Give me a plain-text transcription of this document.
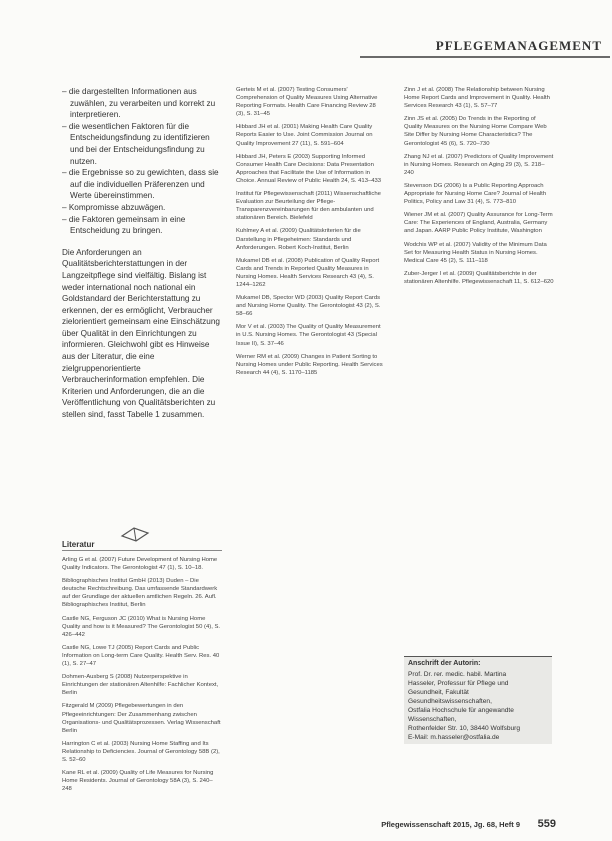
PFLEGEMANAGEMENT
– die dargestellten Informationen aus zuwählen, zu verarbeiten und korrekt zu interpretieren.
– die wesentlichen Faktoren für die Entscheidungsfindung zu identifizieren und bei der Entscheidungsfindung zu nutzen.
– die Ergebnisse so zu gewichten, dass sie auf die individuellen Präferenzen und Werte übereinstimmen.
– Kompromisse abzuwägen.
– die Faktoren gemeinsam in eine Entscheidung zu bringen.

Die Anforderungen an Qualitätsberichterstattungen in der Langzeitpflege sind vielfältig. Bislang ist weder international noch national ein Goldstandard der Berichterstattung zu erkennen, der es ermöglicht, Verbraucher zielorientiert gemeinsam eine Einschätzung über Qualität in den Einrichtungen zu informieren. Gleichwohl gibt es Hinweise aus der Literatur, die eine zielgruppenorientierte Verbraucherinformation empfehlen. Die Kriterien und Anforderungen, die an die Veröffentlichung von Qualitätsberichten zu stellen sind, fasst Tabelle 1 zusammen.

Literatur
Arling G et al. (2007) Future Development of Nursing Home Quality Indicators. The Gerontologist 47 (1), S. 10–18.
Bibliographisches Institut GmbH (2013) Duden – Die deutsche Rechtschreibung. Das umfassende Standardwerk auf der Grundlage der aktuellen amtlichen Regeln. 26. Aufl. Bibliographisches Institut, Berlin
Castle NG, Ferguson JC (2010) What is Nursing Home Quality and how is it Measured? The Gerontologist 50 (4), S. 426–442
Castle NG, Lowe TJ (2005) Report Cards and Public Information on Long-term Care Quality. Health Serv. Res. 40 (1), S. 27–47
Dohmen-Ausberg S (2008) Nutzerperspektive in Einrichtungen der stationären Altenhilfe: Fachlicher Kontext, Berlin
Fitzgerald M (2009) Pflegebewertungen in den Pflegeeinrichtungen: Der Zusammenhang zwischen Organisations- und Qualitätsprozessen. Verlag Wissenschaft Berlin
Harrington C et al. (2003) Nursing Home Staffing and Its Relationship to Deficiencies. Journal of Gerontology 58B (2), S. 52–60
Kane RL et al. (2009) Quality of Life Measures for Nursing Home Residents. Journal of Gerontology 58A (3), S. 240–248
Gerteis M et al. (2007) Testing Consumers' Comprehension of Quality Measures Using Alternative Reporting Formats. Health Care Financing Review 28 (3), S. 31–45
Hibbard JH et al. (2001) Making Health Care Quality Reports Easier to Use. Joint Commission Journal on Quality Improvement 27 (11), S. 591–604
Hibbard JH, Peters E (2003) Supporting Informed Consumer Health Care Decisions: Data Presentation Approaches that Facilitate the Use of Information in Choice. Annual Review of Public Health 24, S. 413–433
Institut für Pflegewissenschaft (2011) Wissenschaftliche Evaluation zur Beurteilung der Pflege-Transparenzvereinbarungen für den ambulanten und stationären Bereich. Bielefeld
Kuhlmey A et al. (2009) Qualitätskriterien für die Darstellung in Pflegeheimen: Standards und Anforderungen. Robert Koch-Institut, Berlin
Mukamel DB et al. (2008) Publication of Quality Report Cards and Trends in Reported Quality Measures in Nursing Homes. Health Services Research 43 (4), S. 1244–1262
Mukamel DB, Spector WD (2003) Quality Report Cards and Nursing Home Quality. The Gerontologist 43 (2), S. 58–66
Mor V et al. (2003) The Quality of Quality Measurement in U.S. Nursing Homes. The Gerontologist 43 (Special Issue II), S. 37–46
Werner RM et al. (2009) Changes in Patient Sorting to Nursing Homes under Public Reporting. Health Services Research 44 (4), S. 1170–1185
Zinn J et al. (2008) The Relationship between Nursing Home Report Cards and Improvement in Quality. Health Services Research 43 (1), S. 57–77
Zinn JS et al. (2005) Do Trends in the Reporting of Quality Measures on the Nursing Home Compare Web Site Differ by Nursing Home Characteristics? The Gerontologist 45 (6), S. 720–730
Zhang NJ et al. (2007) Predictors of Quality Improvement in Nursing Homes. Research on Aging 29 (3), S. 218–240
Stevenson DG (2006) Is a Public Reporting Approach Appropriate for Nursing Home Care? Journal of Health Politics, Policy and Law 31 (4), S. 773–810
Wiener JM et al. (2007) Quality Assurance for Long-Term Care: The Experiences of England, Australia, Germany and Japan. AARP Public Policy Institute, Washington
Wodchis WP et al. (2007) Validity of the Minimum Data Set for Measuring Health Status in Nursing Homes. Medical Care 45 (2), S. 111–118
Zuber-Jerger I et al. (2009) Qualitätsberichte in der stationären Altenhilfe. Pflegewissenschaft 11, S. 612–620
Anschrift der Autorin:
Prof. Dr. rer. medic. habil. Martina
Hasseler, Professur für Pflege und
Gesundheit, Fakultät Gesundheitswissenschaften,
Ostfalia Hochschule für angewandte Wissenschaften,
Rothenfelder Str. 10, 38440 Wolfsburg
E-Mail: m.hasseler@ostfalia.de
Pflegewissenschaft 2015, Jg. 68, Heft 9 559
